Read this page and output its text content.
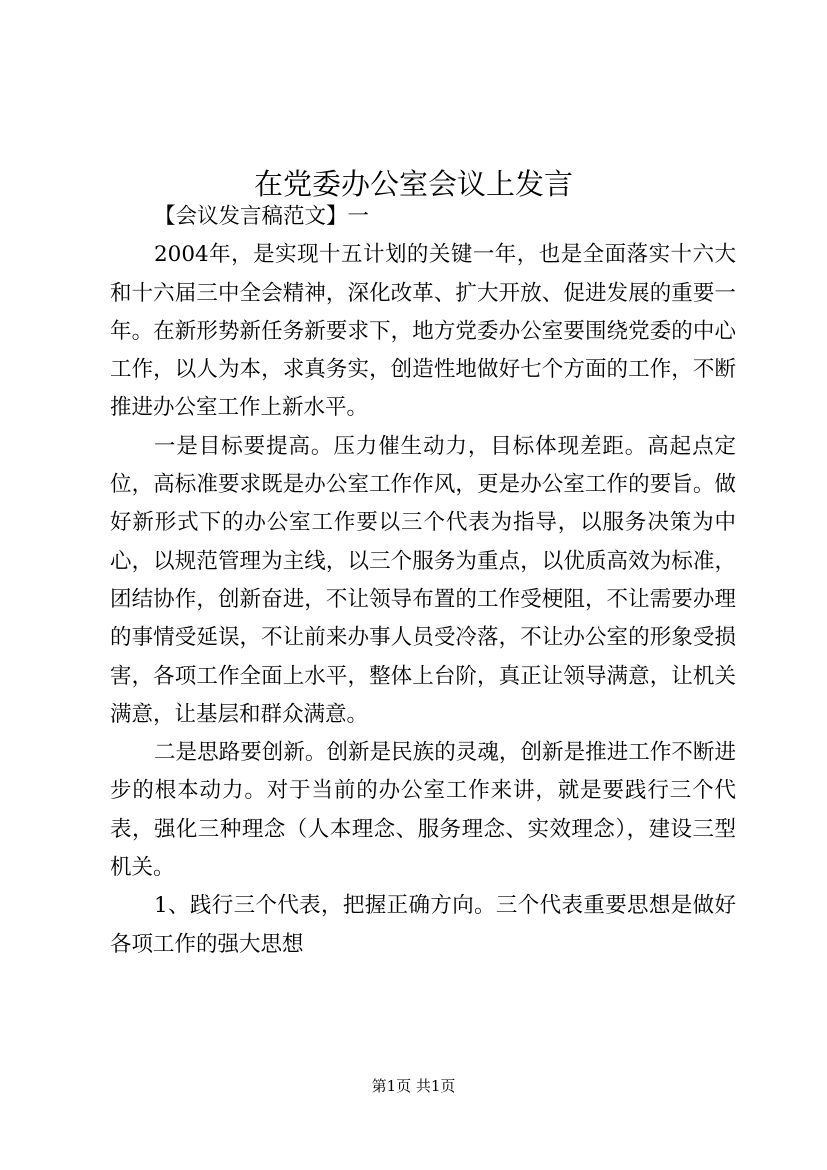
在党委办公室会议上发言

【会议发言稿范文】一

2004年，是实现十五计划的关键一年，也是全面落实十六大和十六届三中全会精神，深化改革、扩大开放、促进发展的重要一年。在新形势新任务新要求下，地方党委办公室要围绕党委的中心工作，以人为本，求真务实，创造性地做好七个方面的工作，不断推进办公室工作上新水平。

一是目标要提高。压力催生动力，目标体现差距。高起点定位，高标准要求既是办公室工作作风，更是办公室工作的要旨。做好新形式下的办公室工作要以三个代表为指导，以服务决策为中心，以规范管理为主线，以三个服务为重点，以优质高效为标准，团结协作，创新奋进，不让领导布置的工作受梗阻，不让需要办理的事情受延误，不让前来办事人员受冷落，不让办公室的形象受损害，各项工作全面上水平，整体上台阶，真正让领导满意，让机关满意，让基层和群众满意。

二是思路要创新。创新是民族的灵魂，创新是推进工作不断进步的根本动力。对于当前的办公室工作来讲，就是要践行三个代表，强化三种理念（人本理念、服务理念、实效理念），建设三型机关。

1、践行三个代表，把握正确方向。三个代表重要思想是做好各项工作的强大思想

第1页 共1页
